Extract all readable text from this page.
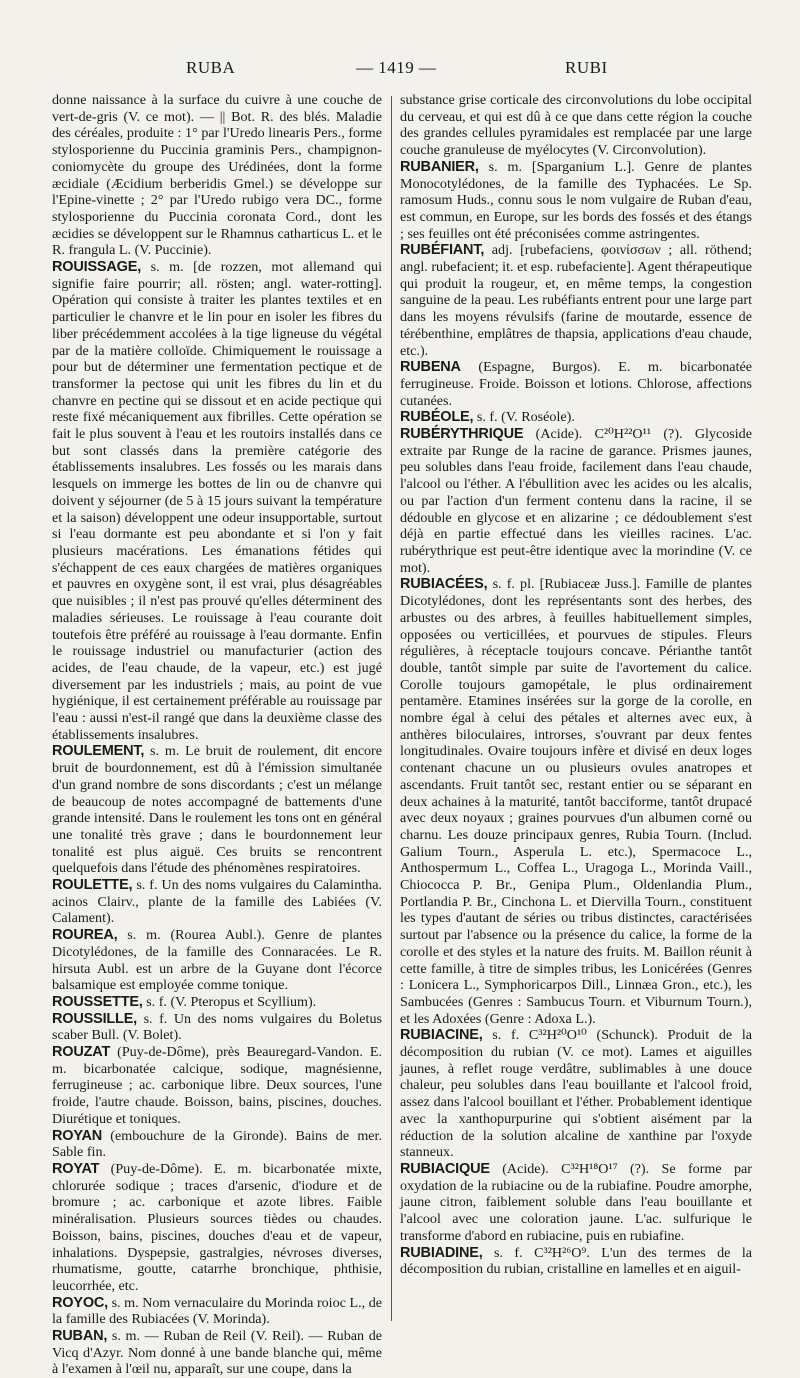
RUBA	— 1419 —	RUBI

donne naissance à la surface du cuivre à une couche de vert-de-gris (V. ce mot). — || Bot. R. des blés. Maladie des céréales, produite : 1° par l'Uredo linearis Pers., forme stylosporienne du Puccinia graminis Pers., champignon-coniomycète du groupe des Urédinées, dont la forme æcidiale (Æcidium berberidis Gmel.) se développe sur l'Epine-vinette ; 2° par l'Uredo rubigo vera DC., forme stylosporienne du Puccinia coronata Cord., dont les æcidies se développent sur le Rhamnus catharticus L. et le R. frangula L. (V. Puccinie).

ROUISSAGE, s. m. [de rozzen, mot allemand qui signifie faire pourrir; all. rösten; angl. water-rotting]. Opération qui consiste à traiter les plantes textiles et en particulier le chanvre et le lin pour en isoler les fibres du liber précédemment accolées à la tige ligneuse du végétal par de la matière colloïde. Chimiquement le rouissage a pour but de déterminer une fermentation pectique et de transformer la pectose qui unit les fibres du lin et du chanvre en pectine qui se dissout et en acide pectique qui reste fixé mécaniquement aux fibrilles. Cette opération se fait le plus souvent à l'eau et les routoirs installés dans ce but sont classés dans la première catégorie des établissements insalubres. Les fossés ou les marais dans lesquels on immerge les bottes de lin ou de chanvre qui doivent y séjourner (de 5 à 15 jours suivant la température et la saison) développent une odeur insupportable, surtout si l'eau dormante est peu abondante et si l'on y fait plusieurs macérations. Les émanations fétides qui s'échappent de ces eaux chargées de matières organiques et pauvres en oxygène sont, il est vrai, plus désagréables que nuisibles ; il n'est pas prouvé qu'elles déterminent des maladies sérieuses. Le rouissage à l'eau courante doit toutefois être préféré au rouissage à l'eau dormante. Enfin le rouissage industriel ou manufacturier (action des acides, de l'eau chaude, de la vapeur, etc.) est jugé diversement par les industriels ; mais, au point de vue hygiénique, il est certainement préférable au rouissage par l'eau : aussi n'est-il rangé que dans la deuxième classe des établissements insalubres.

ROULEMENT, s. m. Le bruit de roulement, dit encore bruit de bourdonnement, est dû à l'émission simultanée d'un grand nombre de sons discordants ; c'est un mélange de beaucoup de notes accompagné de battements d'une grande intensité. Dans le roulement les tons ont en général une tonalité très grave ; dans le bourdonnement leur tonalité est plus aiguë. Ces bruits se rencontrent quelquefois dans l'étude des phénomènes respiratoires.

ROULETTE, s. f. Un des noms vulgaires du Calamintha. acinos Clairv., plante de la famille des Labiées (V. Calament).

ROUREA, s. m. (Rourea Aubl.). Genre de plantes Dicotylédones, de la famille des Connaracées. Le R. hirsuta Aubl. est un arbre de la Guyane dont l'écorce balsamique est employée comme tonique.

ROUSSETTE, s. f. (V. Pteropus et Scyllium).

ROUSSILLE, s. f. Un des noms vulgaires du Boletus scaber Bull. (V. Bolet).

ROUZAT (Puy-de-Dôme), près Beauregard-Vandon. E. m. bicarbonatée calcique, sodique, magnésienne, ferrugineuse ; ac. carbonique libre. Deux sources, l'une froide, l'autre chaude. Boisson, bains, piscines, douches. Diurétique et toniques.

ROYAN (embouchure de la Gironde). Bains de mer. Sable fin.

ROYAT (Puy-de-Dôme). E. m. bicarbonatée mixte, chlorurée sodique ; traces d'arsenic, d'iodure et de bromure ; ac. carbonique et azote libres. Faible minéralisation. Plusieurs sources tièdes ou chaudes. Boisson, bains, piscines, douches d'eau et de vapeur, inhalations. Dyspepsie, gastralgies, névroses diverses, rhumatisme, goutte, catarrhe bronchique, phthisie, leucorrhée, etc.

ROYOC, s. m. Nom vernaculaire du Morinda roioc L., de la famille des Rubiacées (V. Morinda).

RUBAN, s. m. — Ruban de Reil (V. Reil). — Ruban de Vicq d'Azyr. Nom donné à une bande blanche qui, même à l'examen à l'œil nu, apparaît, sur une coupe, dans la

substance grise corticale des circonvolutions du lobe occipital du cerveau, et qui est dû à ce que dans cette région la couche des grandes cellules pyramidales est remplacée par une large couche granuleuse de myélocytes (V. Circonvolution).

RUBANIER, s. m. [Sparganium L.]. Genre de plantes Monocotylédones, de la famille des Typhacées. Le Sp. ramosum Huds., connu sous le nom vulgaire de Ruban d'eau, est commun, en Europe, sur les bords des fossés et des étangs ; ses feuilles ont été préconisées comme astringentes.

RUBÉFIANT, adj. [rubefaciens, φοινίσσων ; all. röthend; angl. rubefacient; it. et esp. rubefaciente]. Agent thérapeutique qui produit la rougeur, et, en même temps, la congestion sanguine de la peau. Les rubéfiants entrent pour une large part dans les moyens révulsifs (farine de moutarde, essence de térébenthine, emplâtres de thapsia, applications d'eau chaude, etc.).

RUBENA (Espagne, Burgos). E. m. bicarbonatée ferrugineuse. Froide. Boisson et lotions. Chlorose, affections cutanées.

RUBÉOLE, s. f. (V. Roséole).

RUBÉRYTHRIQUE (Acide). C²⁰H²²O¹¹ (?). Glycoside extraite par Runge de la racine de garance. Prismes jaunes, peu solubles dans l'eau froide, facilement dans l'eau chaude, l'alcool ou l'éther. A l'ébullition avec les acides ou les alcalis, ou par l'action d'un ferment contenu dans la racine, il se dédouble en glycose et en alizarine ; ce dédoublement s'est déjà en partie effectué dans les vieilles racines. L'ac. rubérythrique est peut-être identique avec la morindine (V. ce mot).

RUBIACÉES, s. f. pl. [Rubiaceæ Juss.]. Famille de plantes Dicotylédones, dont les représentants sont des herbes, des arbustes ou des arbres, à feuilles habituellement simples, opposées ou verticillées, et pourvues de stipules. Fleurs régulières, à réceptacle toujours concave. Périanthe tantôt double, tantôt simple par suite de l'avortement du calice. Corolle toujours gamopétale, le plus ordinairement pentamère. Etamines insérées sur la gorge de la corolle, en nombre égal à celui des pétales et alternes avec eux, à anthères biloculaires, introrses, s'ouvrant par deux fentes longitudinales. Ovaire toujours infère et divisé en deux loges contenant chacune un ou plusieurs ovules anatropes et ascendants. Fruit tantôt sec, restant entier ou se séparant en deux achaines à la maturité, tantôt bacciforme, tantôt drupacé avec deux noyaux ; graines pourvues d'un albumen corné ou charnu. Les douze principaux genres, Rubia Tourn. (Includ. Galium Tourn., Asperula L. etc.), Spermacoce L., Anthospermum L., Coffea L., Uragoga L., Morinda Vaill., Chiococca P. Br., Genipa Plum., Oldenlandia Plum., Portlandia P. Br., Cinchona L. et Diervilla Tourn., constituent les types d'autant de séries ou tribus distinctes, caractérisées surtout par l'absence ou la présence du calice, la forme de la corolle et des styles et la nature des fruits. M. Baillon réunit à cette famille, à titre de simples tribus, les Lonicérées (Genres : Lonicera L., Symphoricarpos Dill., Linnæa Gron., etc.), les Sambucées (Genres : Sambucus Tourn. et Viburnum Tourn.), et les Adoxées (Genre : Adoxa L.).

RUBIACINE, s. f. C³²H²⁰O¹⁰ (Schunck). Produit de la décomposition du rubian (V. ce mot). Lames et aiguilles jaunes, à reflet rouge verdâtre, sublimables à une douce chaleur, peu solubles dans l'eau bouillante et l'alcool froid, assez dans l'alcool bouillant et l'éther. Probablement identique avec la xanthopurpurine qui s'obtient aisément par la réduction de la solution alcaline de xanthine par l'oxyde stanneux.

RUBIACIQUE (Acide). C³²H¹⁸O¹⁷ (?). Se forme par oxydation de la rubiacine ou de la rubiafine. Poudre amorphe, jaune citron, faiblement soluble dans l'eau bouillante et l'alcool avec une coloration jaune. L'ac. sulfurique le transforme d'abord en rubiacine, puis en rubiafine.

RUBIADINE, s. f. C³²H²⁶O⁹. L'un des termes de la décomposition du rubian, cristalline en lamelles et en aiguil-
